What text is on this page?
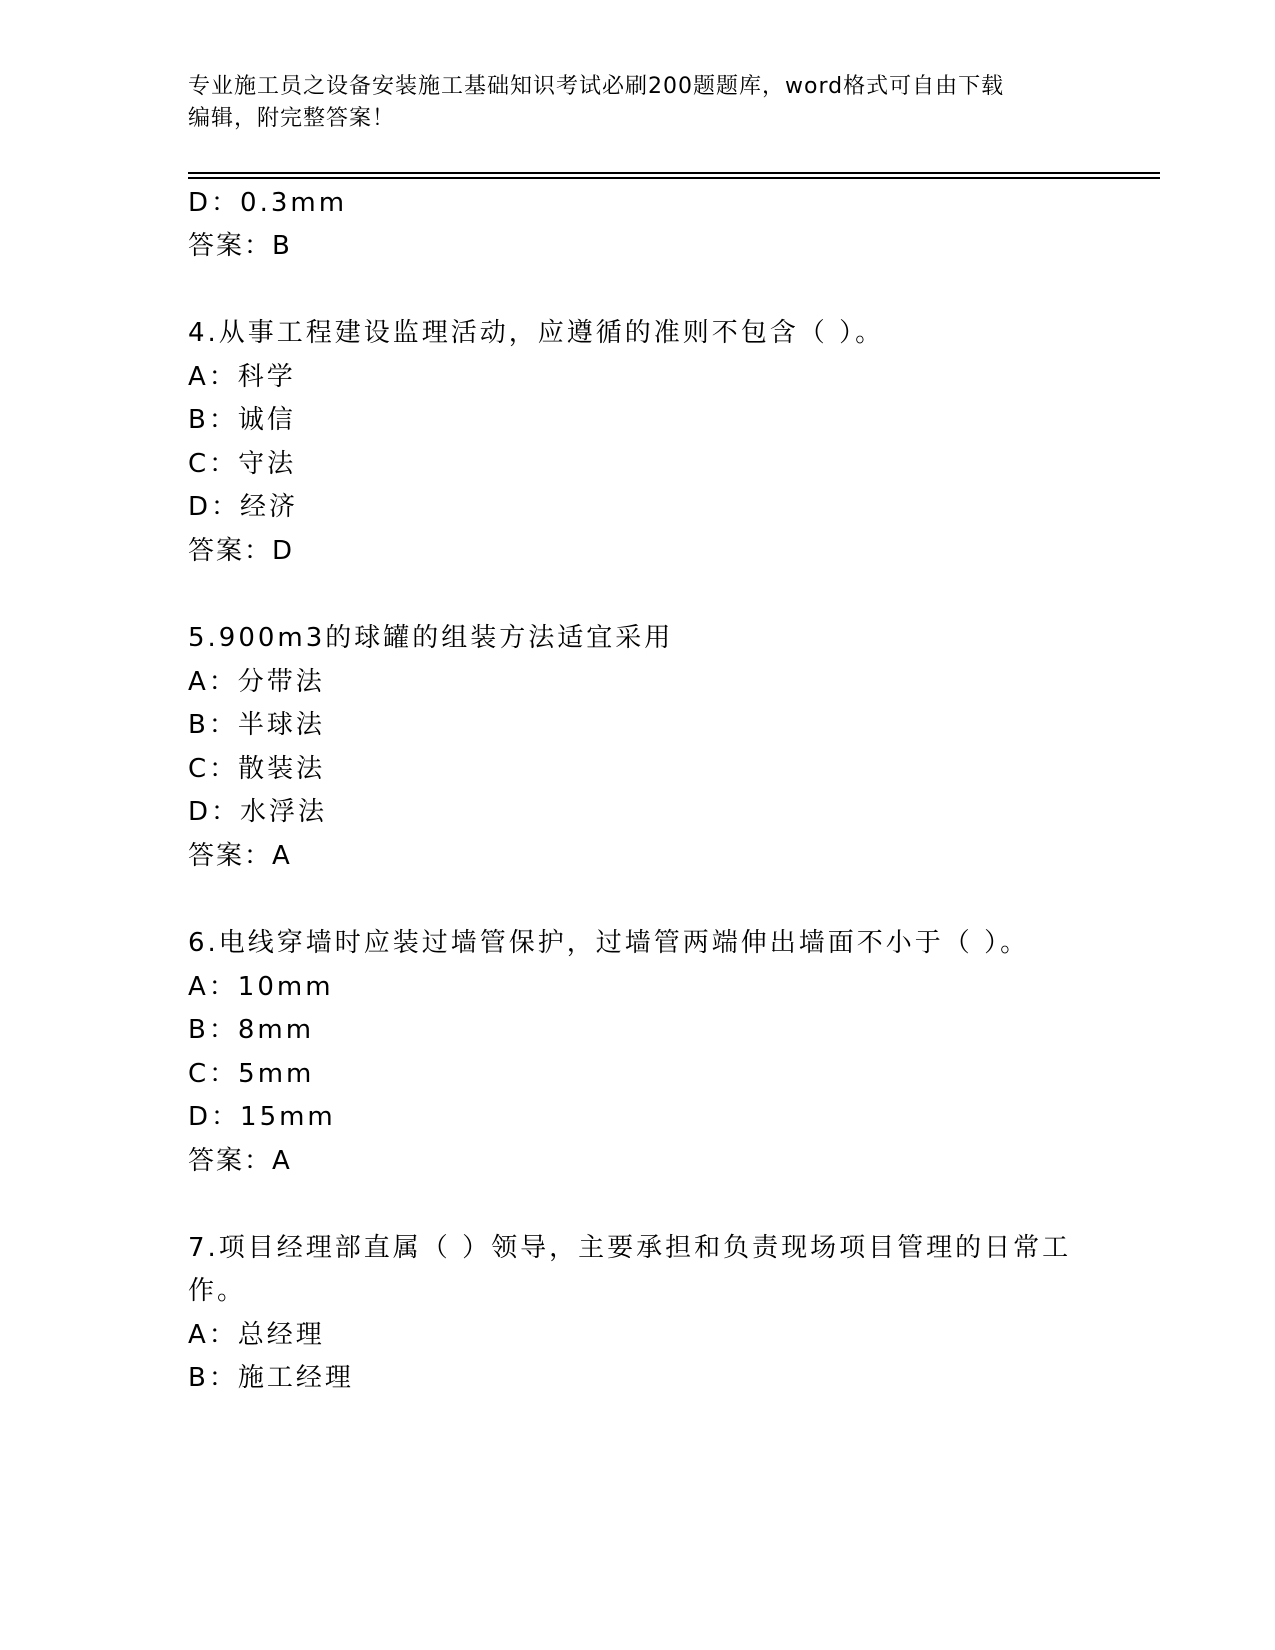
专业施工员之设备安装施工基础知识考试必刷200题题库，word格式可自由下载
编辑，附完整答案！
D：0.3mm
答案：B
4.从事工程建设监理活动，应遵循的准则不包含（ ）。
A：科学
B：诚信
C：守法
D：经济
答案：D
5.900m3的球罐的组装方法适宜采用
A：分带法
B：半球法
C：散装法
D：水浮法
答案：A
6.电线穿墙时应装过墙管保护，过墙管两端伸出墙面不小于（ ）。
A：10mm
B：8mm
C：5mm
D：15mm
答案：A
7.项目经理部直属（ ）领导，主要承担和负责现场项目管理的日常工
作。
A：总经理
B：施工经理
